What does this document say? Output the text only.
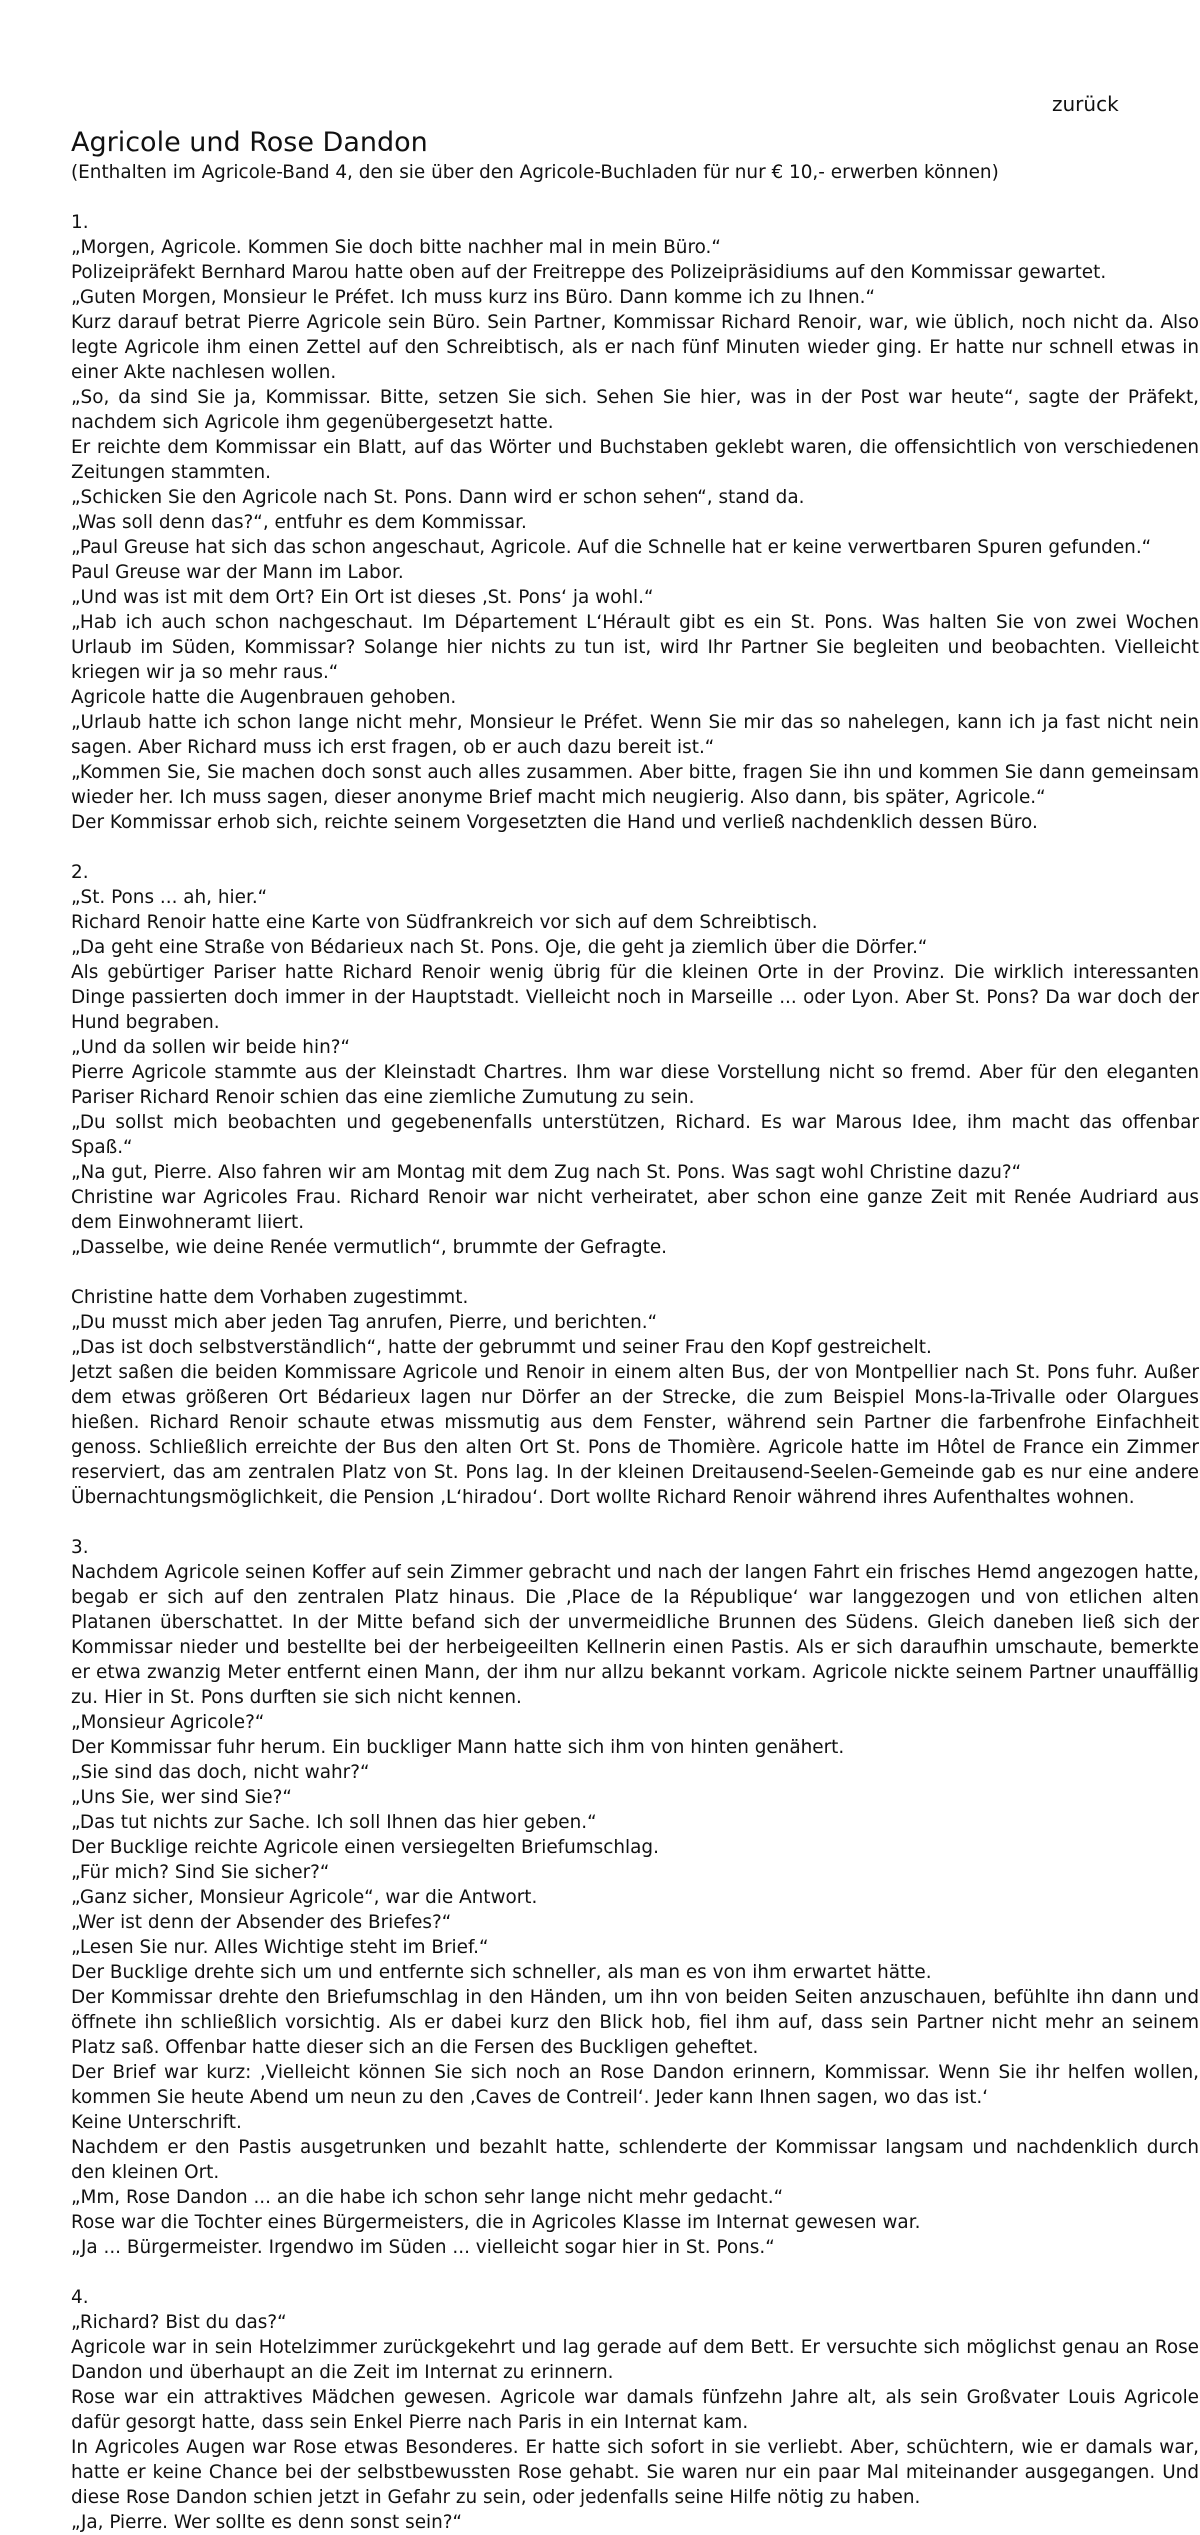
zurück
Agricole und Rose Dandon

(Enthalten im Agricole-Band 4, den sie über den Agricole-Buchladen für nur € 10,- erwerben können)

1.

„Morgen, Agricole. Kommen Sie doch bitte nachher mal in mein Büro.“

Polizeipräfekt Bernhard Marou hatte oben auf der Freitreppe des Polizeipräsidiums auf den Kommissar gewartet.

„Guten Morgen, Monsieur le Préfet. Ich muss kurz ins Büro. Dann komme ich zu Ihnen.“

Kurz darauf betrat Pierre Agricole sein Büro. Sein Partner, Kommissar Richard Renoir, war, wie üblich, noch nicht da. Also legte Agricole ihm einen Zettel auf den Schreibtisch, als er nach fünf Minuten wieder ging. Er hatte nur schnell etwas in einer Akte nachlesen wollen.

„So, da sind Sie ja, Kommissar. Bitte, setzen Sie sich. Sehen Sie hier, was in der Post war heute“, sagte der Präfekt, nachdem sich Agricole ihm gegenübergesetzt hatte.

Er reichte dem Kommissar ein Blatt, auf das Wörter und Buchstaben geklebt waren, die offensichtlich von verschiedenen Zeitungen stammten.

„Schicken Sie den Agricole nach St. Pons. Dann wird er schon sehen“, stand da.

„Was soll denn das?“, entfuhr es dem Kommissar.

„Paul Greuse hat sich das schon angeschaut, Agricole. Auf die Schnelle hat er keine verwertbaren Spuren gefunden.“

Paul Greuse war der Mann im Labor.

„Und was ist mit dem Ort? Ein Ort ist dieses ‚St. Pons‘ ja wohl.“

„Hab ich auch schon nachgeschaut. Im Département L‘Hérault gibt es ein St. Pons. Was halten Sie von zwei Wochen Urlaub im Süden, Kommissar? Solange hier nichts zu tun ist, wird Ihr Partner Sie begleiten und beobachten. Vielleicht kriegen wir ja so mehr raus.“

Agricole hatte die Augenbrauen gehoben.

„Urlaub hatte ich schon lange nicht mehr, Monsieur le Préfet. Wenn Sie mir das so nahelegen, kann ich ja fast nicht nein sagen. Aber Richard muss ich erst fragen, ob er auch dazu bereit ist.“

„Kommen Sie, Sie machen doch sonst auch alles zusammen. Aber bitte, fragen Sie ihn und kommen Sie dann gemeinsam wieder her. Ich muss sagen, dieser anonyme Brief macht mich neugierig. Also dann, bis später, Agricole.“

Der Kommissar erhob sich, reichte seinem Vorgesetzten die Hand und verließ nachdenklich dessen Büro.

2.

„St. Pons ... ah, hier.“

Richard Renoir hatte eine Karte von Südfrankreich vor sich auf dem Schreibtisch.

„Da geht eine Straße von Bédarieux nach St. Pons. Oje, die geht ja ziemlich über die Dörfer.“

Als gebürtiger Pariser hatte Richard Renoir wenig übrig für die kleinen Orte in der Provinz. Die wirklich interessanten Dinge passierten doch immer in der Hauptstadt. Vielleicht noch in Marseille ... oder Lyon. Aber St. Pons? Da war doch der Hund begraben.

„Und da sollen wir beide hin?“

Pierre Agricole stammte aus der Kleinstadt Chartres. Ihm war diese Vorstellung nicht so fremd. Aber für den eleganten Pariser Richard Renoir schien das eine ziemliche Zumutung zu sein.

„Du sollst mich beobachten und gegebenenfalls unterstützen, Richard. Es war Marous Idee, ihm macht das offenbar Spaß.“

„Na gut, Pierre. Also fahren wir am Montag mit dem Zug nach St. Pons. Was sagt wohl Christine dazu?“

Christine war Agricoles Frau. Richard Renoir war nicht verheiratet, aber schon eine ganze Zeit mit Renée Audriard aus dem Einwohneramt liiert.

„Dasselbe, wie deine Renée vermutlich“, brummte der Gefragte.

Christine hatte dem Vorhaben zugestimmt.

„Du musst mich aber jeden Tag anrufen, Pierre, und berichten.“

„Das ist doch selbstverständlich“, hatte der gebrummt und seiner Frau den Kopf gestreichelt.

Jetzt saßen die beiden Kommissare Agricole und Renoir in einem alten Bus, der von Montpellier nach St. Pons fuhr. Außer dem etwas größeren Ort Bédarieux lagen nur Dörfer an der Strecke, die zum Beispiel Mons-la-Trivalle oder Olargues hießen. Richard Renoir schaute etwas missmutig aus dem Fenster, während sein Partner die farbenfrohe Einfachheit genoss. Schließlich erreichte der Bus den alten Ort St. Pons de Thomière. Agricole hatte im Hôtel de France ein Zimmer reserviert, das am zentralen Platz von St. Pons lag. In der kleinen Dreitausend-Seelen-Gemeinde gab es nur eine andere Übernachtungsmöglichkeit, die Pension ‚L‘hiradou‘. Dort wollte Richard Renoir während ihres Aufenthaltes wohnen.

3.

Nachdem Agricole seinen Koffer auf sein Zimmer gebracht und nach der langen Fahrt ein frisches Hemd angezogen hatte, begab er sich auf den zentralen Platz hinaus. Die ‚Place de la République‘ war langgezogen und von etlichen alten Platanen überschattet. In der Mitte befand sich der unvermeidliche Brunnen des Südens. Gleich daneben ließ sich der Kommissar nieder und bestellte bei der herbeigeeilten Kellnerin einen Pastis. Als er sich daraufhin umschaute, bemerkte er etwa zwanzig Meter entfernt einen Mann, der ihm nur allzu bekannt vorkam. Agricole nickte seinem Partner unauffällig zu. Hier in St. Pons durften sie sich nicht kennen.

„Monsieur Agricole?“

Der Kommissar fuhr herum. Ein buckliger Mann hatte sich ihm von hinten genähert.

„Sie sind das doch, nicht wahr?“

„Uns Sie, wer sind Sie?“

„Das tut nichts zur Sache. Ich soll Ihnen das hier geben.“

Der Bucklige reichte Agricole einen versiegelten Briefumschlag.

„Für mich? Sind Sie sicher?“

„Ganz sicher, Monsieur Agricole“, war die Antwort.

„Wer ist denn der Absender des Briefes?“

„Lesen Sie nur. Alles Wichtige steht im Brief.“

Der Bucklige drehte sich um und entfernte sich schneller, als man es von ihm erwartet hätte.

Der Kommissar drehte den Briefumschlag in den Händen, um ihn von beiden Seiten anzuschauen, befühlte ihn dann und öffnete ihn schließlich vorsichtig. Als er dabei kurz den Blick hob, fiel ihm auf, dass sein Partner nicht mehr an seinem Platz saß. Offenbar hatte dieser sich an die Fersen des Buckligen geheftet.

Der Brief war kurz: ‚Vielleicht können Sie sich noch an Rose Dandon erinnern, Kommissar. Wenn Sie ihr helfen wollen, kommen Sie heute Abend um neun zu den ‚Caves de Contreil‘. Jeder kann Ihnen sagen, wo das ist.‘

Keine Unterschrift.

Nachdem er den Pastis ausgetrunken und bezahlt hatte, schlenderte der Kommissar langsam und nachdenklich durch den kleinen Ort.

„Mm, Rose Dandon ... an die habe ich schon sehr lange nicht mehr gedacht.“

Rose war die Tochter eines Bürgermeisters, die in Agricoles Klasse im Internat gewesen war.

„Ja ... Bürgermeister. Irgendwo im Süden ... vielleicht sogar hier in St. Pons.“

4.

„Richard? Bist du das?“

Agricole war in sein Hotelzimmer zurückgekehrt und lag gerade auf dem Bett. Er versuchte sich möglichst genau an Rose Dandon und überhaupt an die Zeit im Internat zu erinnern.

Rose war ein attraktives Mädchen gewesen. Agricole war damals fünfzehn Jahre alt, als sein Großvater Louis Agricole dafür gesorgt hatte, dass sein Enkel Pierre nach Paris in ein Internat kam.

In Agricoles Augen war Rose etwas Besonderes. Er hatte sich sofort in sie verliebt. Aber, schüchtern, wie er damals war, hatte er keine Chance bei der selbstbewussten Rose gehabt. Sie waren nur ein paar Mal miteinander ausgegangen. Und diese Rose Dandon schien jetzt in Gefahr zu sein, oder jedenfalls seine Hilfe nötig zu haben.

„Ja, Pierre. Wer sollte es denn sonst sein?“
